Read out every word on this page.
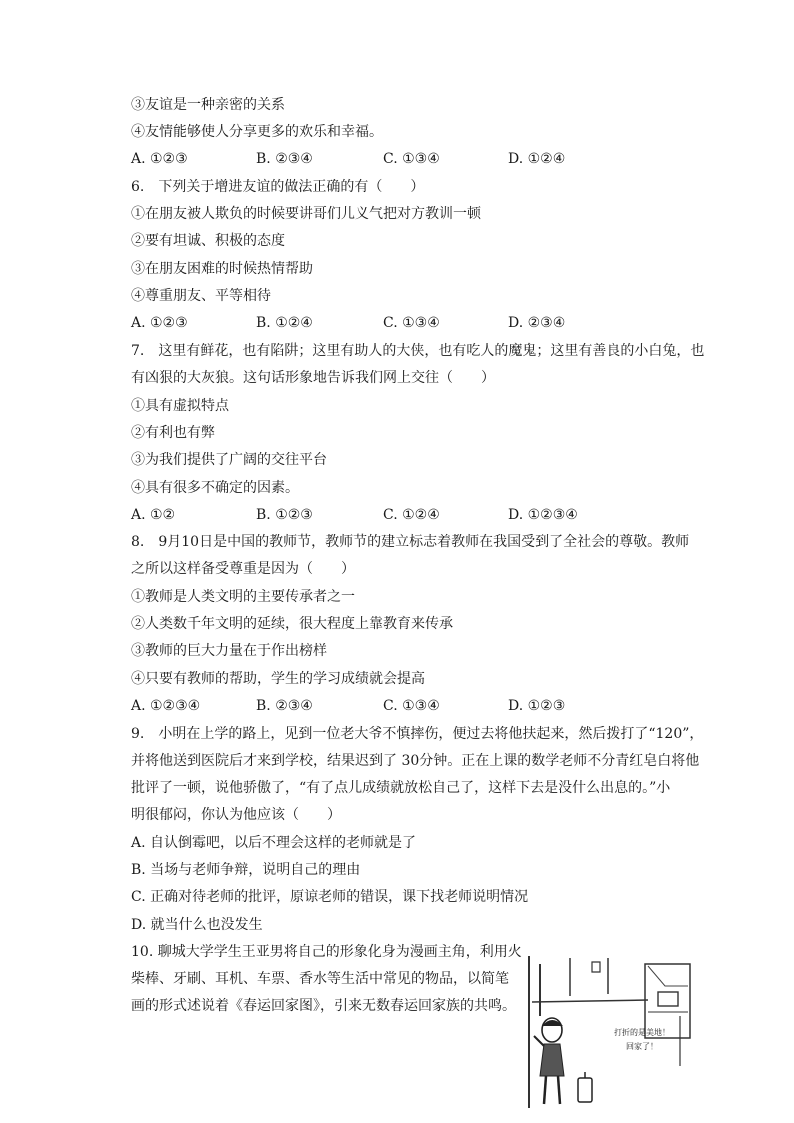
③友谊是一种亲密的关系
④友情能够使人分享更多的欢乐和幸福。
A. ①②③	B. ②③④	C. ①③④	D. ①②④
6.　下列关于增进友谊的做法正确的有（　　）
①在朋友被人欺负的时候要讲哥们儿义气把对方教训一顿
②要有坦诚、积极的态度
③在朋友困难的时候热情帮助
④尊重朋友、平等相待
A. ①②③	B. ①②④	C. ①③④	D. ②③④
7.　这里有鲜花，也有陷阱；这里有助人的大侠，也有吃人的魔鬼；这里有善良的小白兔，也
有凶狠的大灰狼。这句话形象地告诉我们网上交往（　　）
①具有虚拟特点
②有利也有弊
③为我们提供了广阔的交往平台
④具有很多不确定的因素。
A. ①②	B. ①②③	C. ①②④	D. ①②③④
8.　9月10日是中国的教师节，教师节的建立标志着教师在我国受到了全社会的尊敬。教师
之所以这样备受尊重是因为（　　）
①教师是人类文明的主要传承者之一
②人类数千年文明的延续，很大程度上靠教育来传承
③教师的巨大力量在于作出榜样
④只要有教师的帮助，学生的学习成绩就会提高
A. ①②③④	B. ②③④	C. ①③④	D. ①②③
9.　小明在上学的路上，见到一位老大爷不慎摔伤，便过去将他扶起来，然后拨打了“120”，
并将他送到医院后才来到学校，结果迟到了 30分钟。正在上课的数学老师不分青红皂白将他
批评了一顿，说他骄傲了，“有了点儿成绩就放松自己了，这样下去是没什么出息的。”小
明很郁闷，你认为他应该（　　）
A. 自认倒霉吧，以后不理会这样的老师就是了
B. 当场与老师争辩，说明自己的理由
C. 正确对待老师的批评，原谅老师的错误，课下找老师说明情况
D. 就当什么也没发生
10. 聊城大学学生王亚男将自己的形象化身为漫画主角，利用火
柴棒、牙刷、耳机、车票、香水等生活中常见的物品，以简笔
画的形式述说着《春运回家图》，引来无数春运回家族的共鸣。
打折的是美地！
回家了！
